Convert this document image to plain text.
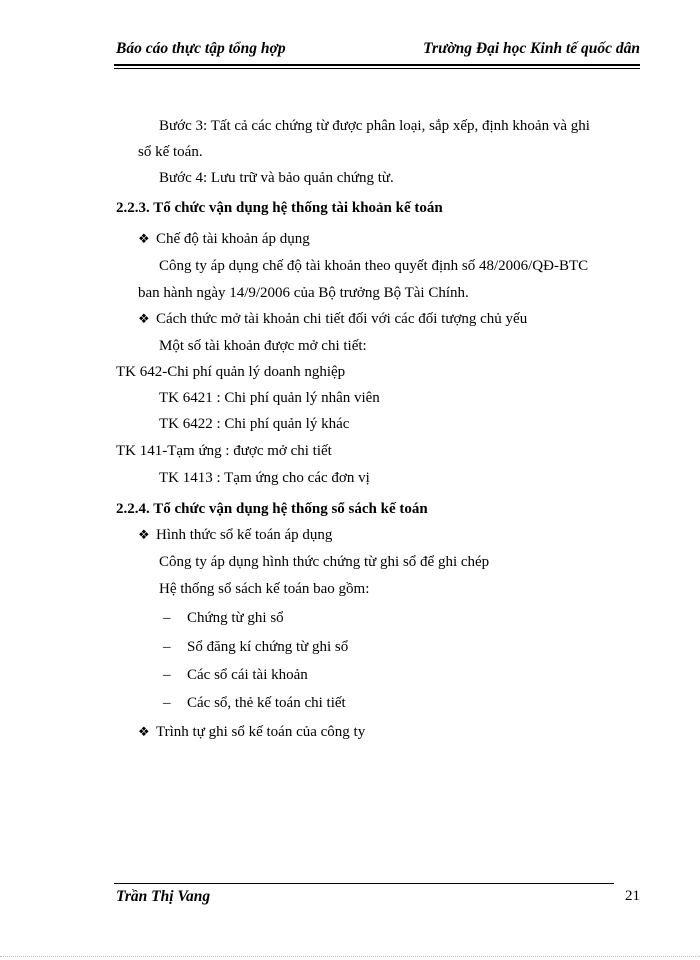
Báo cáo thực tập tổng hợp	Trường Đại học Kinh tế quốc dân
Bước 3: Tất cả các chứng từ được phân loại, sắp xếp, định khoản và ghi
sổ kế toán.
Bước 4: Lưu trữ và bảo quản chứng từ.
2.2.3. Tổ chức vận dụng hệ thống tài khoản kế toán
❖ Chế độ tài khoản áp dụng
Công ty áp dụng chế độ tài khoản theo quyết định số 48/2006/QĐ-BTC
ban hành ngày 14/9/2006 của Bộ trưởng Bộ Tài Chính.
❖ Cách thức mở tài khoản chi tiết đối với các đối tượng chủ yếu
Một số tài khoản được mở chi tiết:
TK 642-Chi phí quản lý doanh nghiệp
TK 6421 : Chi phí quản lý nhân viên
TK 6422 : Chi phí quản lý khác
TK 141-Tạm ứng : được mở chi tiết
TK 1413 : Tạm ứng cho các đơn vị
2.2.4. Tổ chức vận dụng hệ thống sổ sách kế toán
❖ Hình thức sổ kế toán áp dụng
Công ty áp dụng hình thức chứng từ ghi sổ để ghi chép
Hệ thống sổ sách kế toán bao gồm:
– Chứng từ ghi sổ
– Sổ đăng kí chứng từ ghi sổ
– Các sổ cái tài khoản
– Các sổ, thẻ kế toán chi tiết
❖ Trình tự ghi sổ kế toán của công ty
Trần Thị Vang	21
